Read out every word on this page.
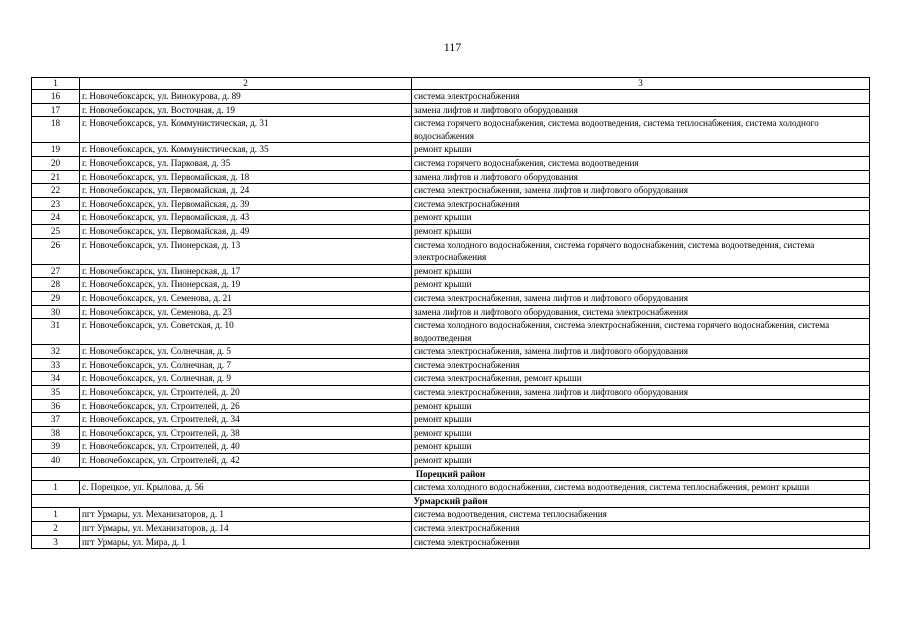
117
1	2	3
16	г. Новочебоксарск, ул. Винокурова, д. 89	система электроснабжения
17	г. Новочебоксарск, ул. Восточная, д. 19	замена лифтов и лифтового оборудования
18	г. Новочебоксарск, ул. Коммунистическая, д. 31	система горячего водоснабжения, система водоотведения, система теплоснабжения, система холодного водоснабжения
19	г. Новочебоксарск, ул. Коммунистическая, д. 35	ремонт крыши
20	г. Новочебоксарск, ул. Парковая, д. 35	система горячего водоснабжения, система водоотведения
21	г. Новочебоксарск, ул. Первомайская, д. 18	замена лифтов и лифтового оборудования
22	г. Новочебоксарск, ул. Первомайская, д. 24	система электроснабжения, замена лифтов и лифтового оборудования
23	г. Новочебоксарск, ул. Первомайская, д. 39	система электроснабжения
24	г. Новочебоксарск, ул. Первомайская, д. 43	ремонт крыши
25	г. Новочебоксарск, ул. Первомайская, д. 49	ремонт крыши
26	г. Новочебоксарск, ул. Пионерская, д. 13	система холодного водоснабжения, система горячего водоснабжения, система водоотведения, система электроснабжения
27	г. Новочебоксарск, ул. Пионерская, д. 17	ремонт крыши
28	г. Новочебоксарск, ул. Пионерская, д. 19	ремонт крыши
29	г. Новочебоксарск, ул. Семенова, д. 21	система электроснабжения, замена лифтов и лифтового оборудования
30	г. Новочебоксарск, ул. Семенова, д. 23	замена лифтов и лифтового оборудования, система электроснабжения
31	г. Новочебоксарск, ул. Советская, д. 10	система холодного водоснабжения, система электроснабжения, система горячего водоснабжения, система водоотведения
32	г. Новочебоксарск, ул. Солнечная, д. 5	система электроснабжения, замена лифтов и лифтового оборудования
33	г. Новочебоксарск, ул. Солнечная, д. 7	система электроснабжения
34	г. Новочебоксарск, ул. Солнечная, д. 9	система электроснабжения, ремонт крыши
35	г. Новочебоксарск, ул. Строителей, д. 20	система электроснабжения, замена лифтов и лифтового оборудования
36	г. Новочебоксарск, ул. Строителей, д. 26	ремонт крыши
37	г. Новочебоксарск, ул. Строителей, д. 34	ремонт крыши
38	г. Новочебоксарск, ул. Строителей, д. 38	ремонт крыши
39	г. Новочебоксарск, ул. Строителей, д. 40	ремонт крыши
40	г. Новочебоксарск, ул. Строителей, д. 42	ремонт крыши
Порецкий район		
1	с. Порецкое, ул. Крылова, д. 56	система холодного водоснабжения, система водоотведения, система теплоснабжения, ремонт крыши
Урмарский район		
1	пгт Урмары, ул. Механизаторов, д. 1	система водоотведения, система теплоснабжения
2	пгт Урмары, ул. Механизаторов, д. 14	система электроснабжения
3	пгт Урмары, ул. Мира, д. 1	система электроснабжения
